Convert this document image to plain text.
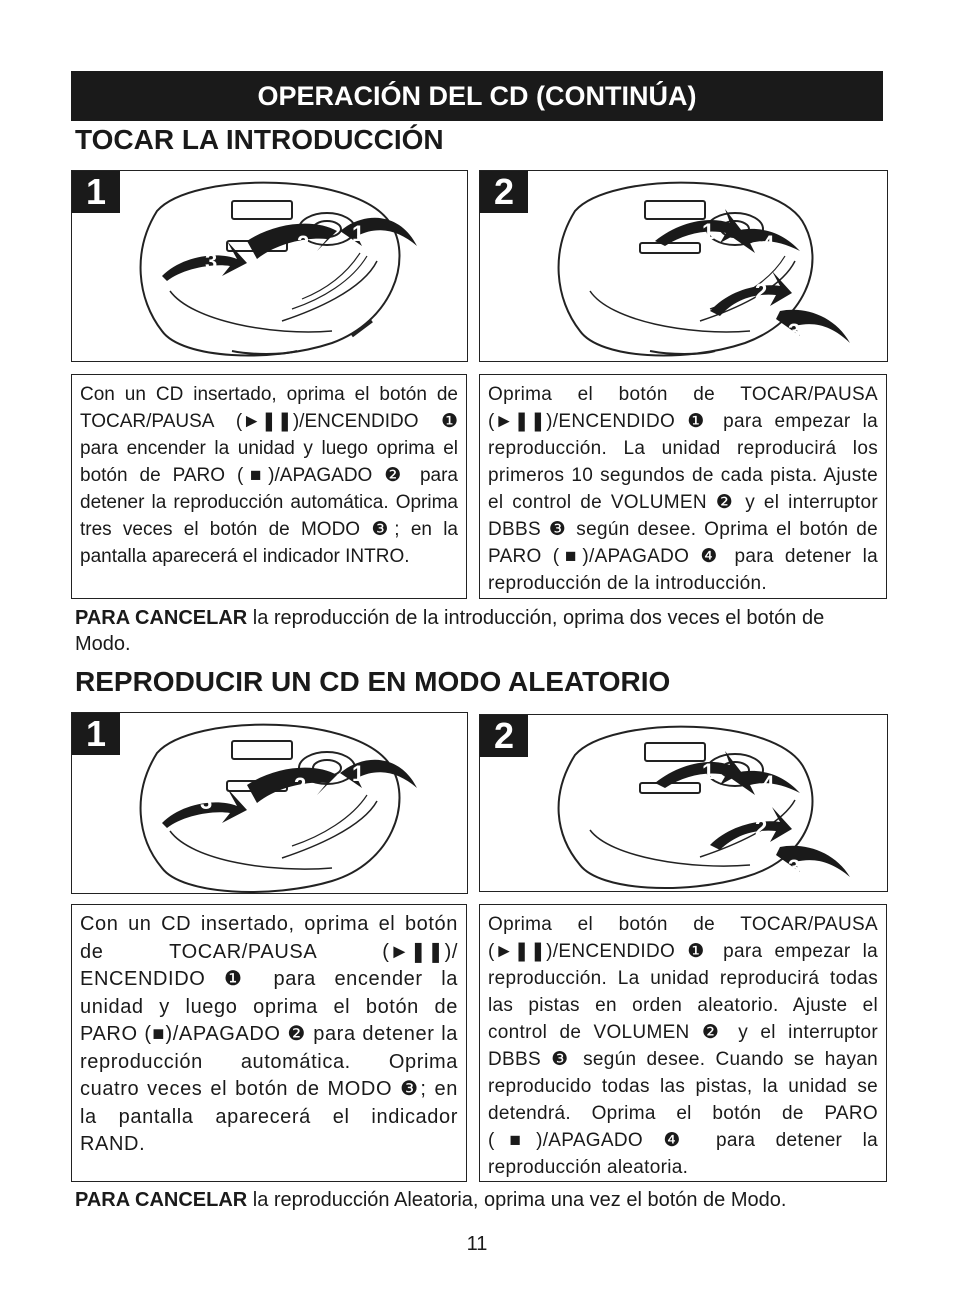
OPERACIÓN DEL CD (CONTINÚA)
TOCAR LA INTRODUCCIÓN
2
3
1
1
1
2
3
4
2
Con un CD insertado, oprima el botón de TOCAR/PAUSA (►❚❚)/ENCENDIDO ❶ para encender la unidad y luego oprima el botón de PARO (■)/APAGADO ❷ para detener la reproducción automática. Oprima tres veces el botón de MODO ❸; en la pantalla aparecerá el indicador INTRO.
Oprima el botón de TOCAR/PAUSA (►❚❚)/ENCENDIDO ❶ para empezar la reproducción. La unidad reproducirá los primeros 10 segundos de cada pista. Ajuste el control de VOLUMEN ❷ y el interruptor DBBS ❸ según desee. Oprima el botón de PARO (■)/APAGADO ❹ para detener la reproducción de la introducción.
PARA CANCELAR la reproducción de la introducción, oprima dos veces el botón de Modo.
REPRODUCIR UN CD EN MODO ALEATORIO
1
2
3
1
1
2
3
4
2
Con un CD insertado, oprima el botón de TOCAR/PAUSA (►❚❚)/ ENCENDIDO ❶ para encender la unidad y luego oprima el botón de PARO (■)/APAGADO ❷ para detener la reproducción automática. Oprima cuatro veces el botón de MODO ❸; en la pantalla aparecerá el indicador RAND.
Oprima el botón de TOCAR/PAUSA (►❚❚)/ENCENDIDO ❶ para empezar la reproducción. La unidad reproducirá todas las pistas en orden aleatorio. Ajuste el control de VOLUMEN ❷ y el interruptor DBBS ❸ según desee. Cuando se hayan reproducido todas las pistas, la unidad se detendrá. Oprima el botón de PARO (■)/APAGADO ❹ para detener la reproducción aleatoria.
PARA CANCELAR la reproducción Aleatoria, oprima una vez el botón de Modo.
11
